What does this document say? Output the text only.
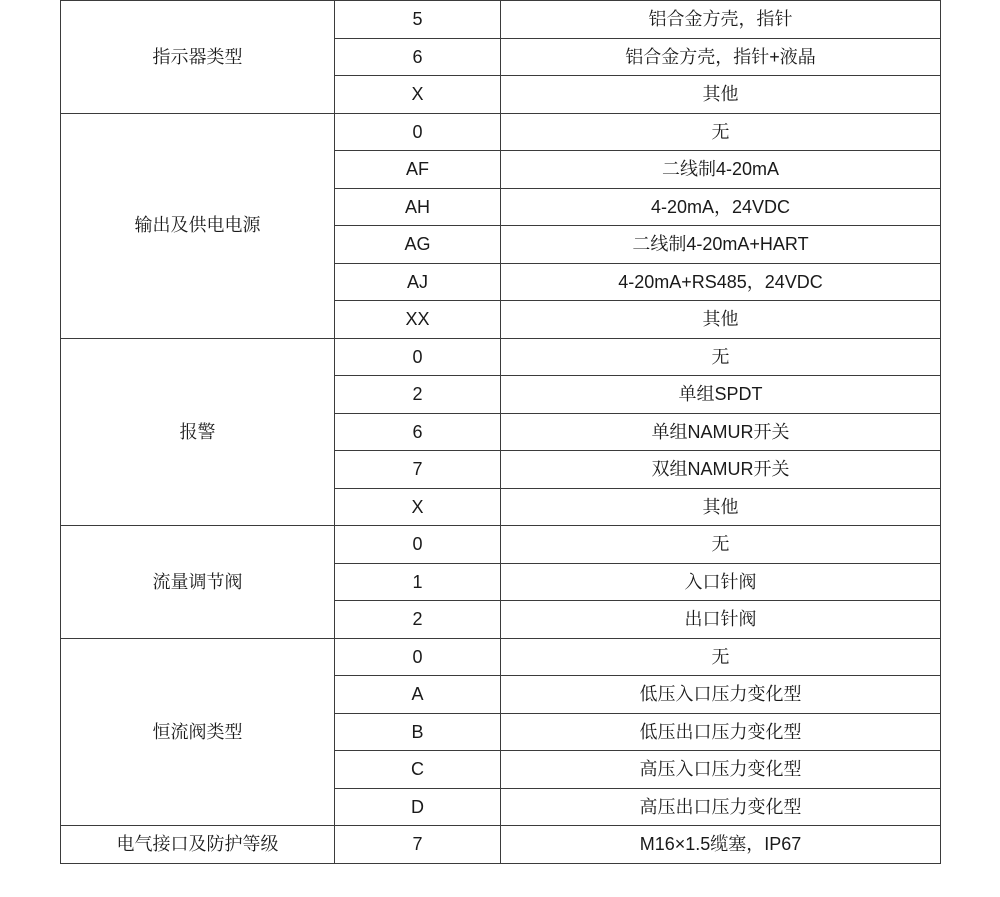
指示器类型	5	铝合金方壳，指针
	6	铝合金方壳，指针+液晶
	X	其他
输出及供电电源	0	无
	AF	二线制4-20mA
	AH	4-20mA，24VDC
	AG	二线制4-20mA+HART
	AJ	4-20mA+RS485，24VDC
	XX	其他
报警	0	无
	2	单组SPDT
	6	单组NAMUR开关
	7	双组NAMUR开关
	X	其他
流量调节阀	0	无
	1	入口针阀
	2	出口针阀
恒流阀类型	0	无
	A	低压入口压力变化型
	B	低压出口压力变化型
	C	高压入口压力变化型
	D	高压出口压力变化型
电气接口及防护等级	7	M16×1.5缆塞，IP67
